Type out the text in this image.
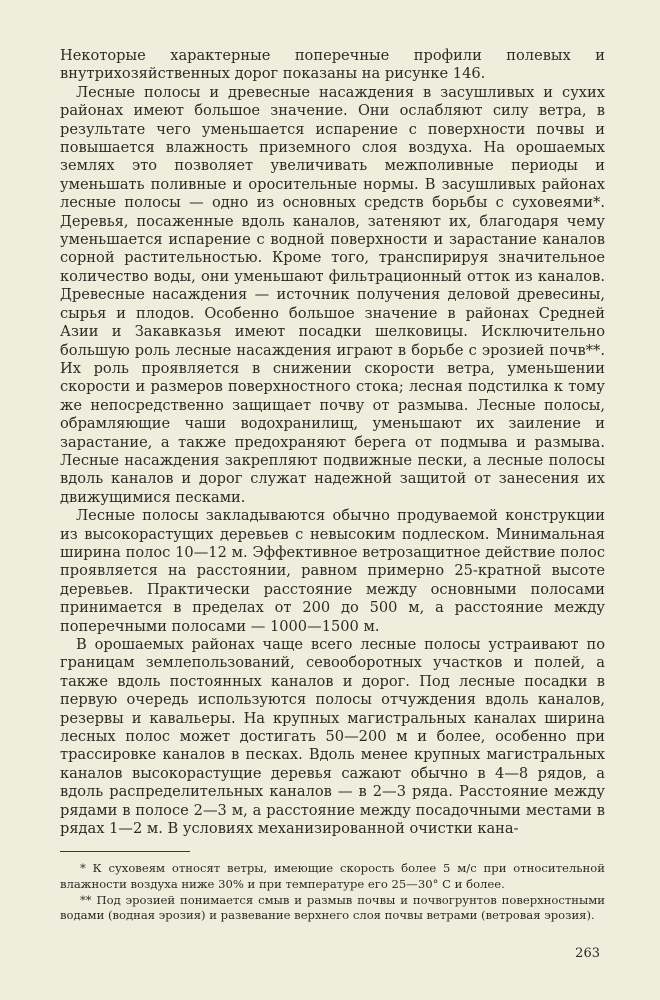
Некоторые характерные поперечные профили полевых и внутрихозяйственных дорог показаны на рисунке 146.

Лесные полосы и древесные насаждения в засушливых и сухих районах имеют большое значение. Они ослабляют силу ветра, в результате чего уменьшается испарение с поверхности почвы и повышается влажность приземного слоя воздуха. На орошаемых землях это позволяет увеличивать межполивные периоды и уменьшать поливные и оросительные нормы. В засушливых районах лесные полосы — одно из основных средств борьбы с суховеями*. Деревья, посаженные вдоль каналов, затеняют их, благодаря чему уменьшается испарение с водной поверхности и зарастание каналов сорной растительностью. Кроме того, транспирируя значительное количество воды, они уменьшают фильтрационный отток из каналов. Древесные насаждения — источник получения деловой древесины, сырья и плодов. Особенно большое значение в районах Средней Азии и Закавказья имеют посадки шелковицы. Исключительно большую роль лесные насаждения играют в борьбе с эрозией почв**. Их роль проявляется в снижении скорости ветра, уменьшении скорости и размеров поверхностного стока; лесная подстилка к тому же непосредственно защищает почву от размыва. Лесные полосы, обрамляющие чаши водохранилищ, уменьшают их заиление и зарастание, а также предохраняют берега от подмыва и размыва. Лесные насаждения закрепляют подвижные пески, а лесные полосы вдоль каналов и дорог служат надежной защитой от занесения их движущимися песками.

Лесные полосы закладываются обычно продуваемой конструкции из высокорастущих деревьев с невысоким подлеском. Минимальная ширина полос 10—12 м. Эффективное ветрозащитное действие полос проявляется на расстоянии, равном примерно 25-кратной высоте деревьев. Практически расстояние между основными полосами принимается в пределах от 200 до 500 м, а расстояние между поперечными полосами — 1000—1500 м.

В орошаемых районах чаще всего лесные полосы устраивают по границам землепользований, севооборотных участков и полей, а также вдоль постоянных каналов и дорог. Под лесные посадки в первую очередь используются полосы отчуждения вдоль каналов, резервы и кавальеры. На крупных магистральных каналах ширина лесных полос может достигать 50—200 м и более, особенно при трассировке каналов в песках. Вдоль менее крупных магистральных каналов высокорастущие деревья сажают обычно в 4—8 рядов, а вдоль распределительных каналов — в 2—3 ряда. Расстояние между рядами в полосе 2—3 м, а расстояние между посадочными местами в рядах 1—2 м. В условиях механизированной очистки кана-

* К суховеям относят ветры, имеющие скорость более 5 м/с при относительной влажности воздуха ниже 30% и при температуре его 25—30° С и более.

** Под эрозией понимается смыв и размыв почвы и почвогрунтов поверхностными водами (водная эрозия) и развевание верхнего слоя почвы ветрами (ветровая эрозия).

263
